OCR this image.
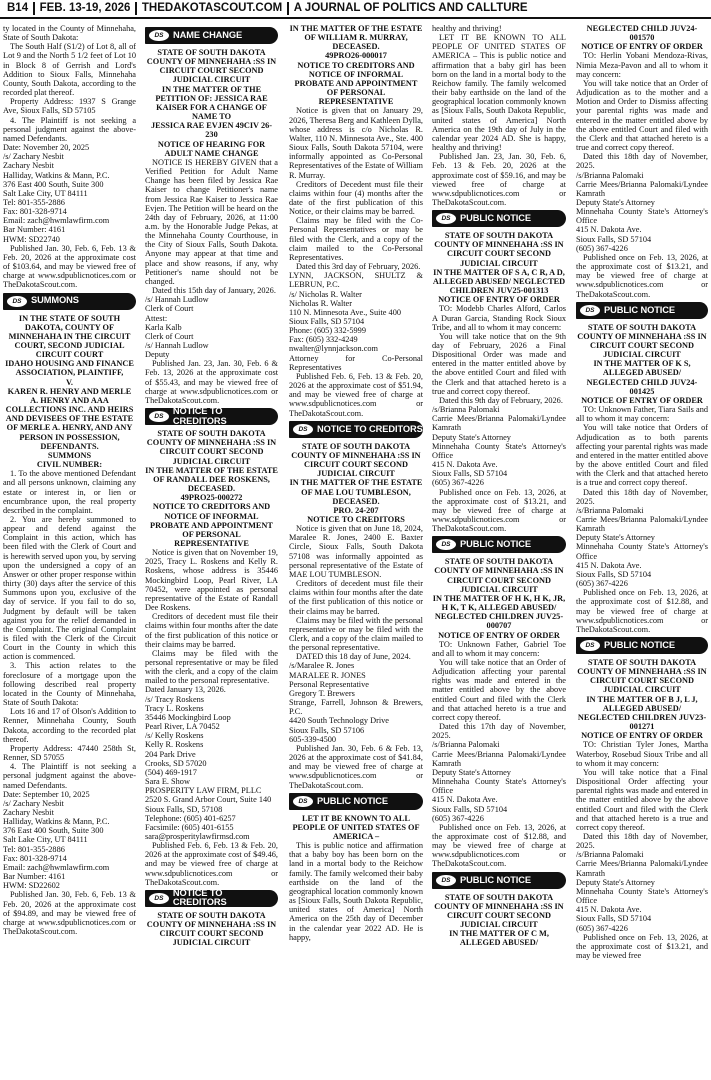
B14	FEB. 13-19, 2026	THEDAKOTASCOUT.COM	A JOURNAL OF POLITICS AND CALLTURE

ty located in the County of Minnehaha, State of South Dakota:

The South Half (S1/2) of Lot 8, all of Lot 9 and the North 5 1/2 feet of Lot 10 in Block 8 of Gerrish and Lord's Addition to Sioux Falls, Minnehaha County, South Dakota, according to the recorded plat thereof.

Property Address: 1937 S Grange Ave, Sioux Falls, SD 57105

4. The Plaintiff is not seeking a personal judgment against the above-named Defendants.

Date: November 20, 2025

/s/ Zachary Nesbit

Zachary Nesbit

Halliday, Watkins & Mann, P.C.

376 East 400 South, Suite 300

Salt Lake City, UT 84111

Tel: 801-355-2886

Fax: 801-328-9714

Email: zach@hwmlawfirm.com

Bar Number: 4161

HWM: SD22740

Published Jan. 30, Feb. 6, Feb. 13 & Feb. 20, 2026 at the approximate cost of $103.64, and may be viewed free of charge at www.sdpublicnotices.com or TheDakotaScout.com.

DS	SUMMONS

IN THE STATE OF SOUTH DAKOTA, COUNTY OF MINNEHAHA IN THE CIRCUIT COURT, SECOND JUDICIAL CIRCUIT COURT

IDAHO HOUSING AND FINANCE ASSOCIATION, PLAINTIFF,

V.

KAREN R. HENRY AND MERLE A. HENRY AND AAA COLLECTIONS INC. AND HEIRS AND DEVISEES OF THE ESTATE OF MERLE A. HENRY, AND ANY PERSON IN POSSESSION, DEFENDANTS.

SUMMONS

CIVIL NUMBER:

1. To the above mentioned Defendant and all persons unknown, claiming any estate or interest in, or lien or encumbrance upon, the real property described in the complaint.

2. You are hereby summoned to appear and defend against the Complaint in this action, which has been filed with the Clerk of Court and is herewith served upon you, by serving upon the undersigned a copy of an Answer or other proper response within thirty (30) days after the service of this Summons upon you, exclusive of the day of service. If you fail to do so, Judgment by default will be taken against you for the relief demanded in the Complaint. The original Complaint is filed with the Clerk of the Circuit Court in the County in which this action is commenced.

3. This action relates to the foreclosure of a mortgage upon the following described real property located in the County of Minnehaha, State of South Dakota:

Lots 16 and 17 of Olson's Addition to Renner, Minnehaha County, South Dakota, according to the recorded plat thereof.

Property Address: 47440 258th St, Renner, SD 57055

4. The Plaintiff is not seeking a personal judgment against the above-named Defendants.

Date: September 10, 2025

/s/ Zachary Nesbit

Zachary Nesbit

Halliday, Watkins & Mann, P.C.

376 East 400 South, Suite 300

Salt Lake City, UT 84111

Tel: 801-355-2886

Fax: 801-328-9714

Email: zach@hwmlawfirm.com

Bar Number: 4161

HWM: SD22602

Published Jan. 30, Feb. 6, Feb. 13 & Feb. 20, 2026 at the approximate cost of $94.89, and may be viewed free of charge at www.sdpublicnotices.com or TheDakotaScout.com.

DS	NAME CHANGE

STATE OF SOUTH DAKOTA COUNTY OF MINNEHAHA :SS IN CIRCUIT COURT SECOND JUDICIAL CIRCUIT

IN THE MATTER OF THE PETITION OF: JESSICA RAE KAISER FOR A CHANGE OF NAME TO

JESSICA RAE EVJEN 49CIV 26-230

NOTICE OF HEARING FOR ADULT NAME CHANGE

NOTICE IS HEREBY GIVEN that a Verified Petition for Adult Name Change has been filed by Jessica Rae Kaiser to change Petitioner's name from Jessica Rae Kaiser to Jessica Rae Evjen. The Petition will be heard on the 24th day of February, 2026, at 11:00 a.m. by the Honorable Judge Pekas, at the Minnehaha County Courthouse, in the City of Sioux Falls, South Dakota. Anyone may appear at that time and place and show reasons, if any, why Petitioner's name should not be changed.

Dated this 15th day of January, 2026.

/s/ Hannah Ludlow

Clerk of Court

Attest:

Karla Kalb

Clerk of Court

/s/ Hannah Ludlow

Deputy

Published Jan. 23, Jan. 30, Feb. 6 & Feb. 13, 2026 at the approximate cost of $55.43, and may be viewed free of charge at www.sdpublicnotices.com or TheDakotaScout.com.

DS
NOTICE TO CREDITORS

STATE OF SOUTH DAKOTA COUNTY OF MINNEHAHA :SS IN CIRCUIT COURT SECOND JUDICIAL CIRCUIT

IN THE MATTER OF THE ESTATE OF RANDALL DEE ROSKENS, DECEASED.

49PRO25-000272

NOTICE TO CREDITORS AND NOTICE OF INFORMAL PROBATE AND APPOINTMENT OF PERSONAL REPRESENTATIVE

Notice is given that on November 19, 2025, Tracy L. Roskens and Kelly R. Roskens, whose address is 35446 Mockingbird Loop, Pearl River, LA 70452, were appointed as personal representative of the Estate of Randall Dee Roskens.

Creditors of decedent must file their claims within four months after the date of the first publication of this notice or their claims may be barred.

Claims may be filed with the personal representative or may be filed with the clerk, and a copy of the claim mailed to the personal representative.

Dated January 13, 2026.

/s/ Tracy Roskens

Tracy L. Roskens

35446 Mockingbird Loop

Pearl River, LA 70452

/s/ Kelly Roskens

Kelly R. Roskens

204 Park Drive

Crooks, SD 57020

(504) 469-1917

Sara E. Show

PROSPERITY LAW FIRM, PLLC

2520 S. Grand Arbor Court, Suite 140

Sioux Falls, SD, 57108

Telephone: (605) 401-6257

Facsimile: (605) 401-6155

sara@prosperitylawfirmsd.com

Published Feb. 6, Feb. 13 & Feb. 20, 2026 at the approximate cost of $49.46, and may be viewed free of charge at www.sdpublicnotices.com or TheDakotaScout.com.

DS
NOTICE TO CREDITORS

STATE OF SOUTH DAKOTA COUNTY OF MINNEHAHA :SS IN CIRCUIT COURT SECOND JUDICIAL CIRCUIT

IN THE MATTER OF THE ESTATE OF WILLIAM R. MURRAY, DECEASED.

49PRO26-000017

NOTICE TO CREDITORS AND NOTICE OF INFORMAL PROBATE AND APPOINTMENT OF PERSONAL REPRESENTATIVE

Notice is given that on January 29, 2026, Theresa Berg and Kathleen Dylla, whose address is c/o Nicholas R. Walter, 110 N. Minnesota Ave., Ste. 400 Sioux Falls, South Dakota 57104, were informally appointed as Co-Personal Representatives of the Estate of William R. Murray.

Creditors of Decedent must file their claims within four (4) months after the date of the first publication of this Notice, or their claims may be barred.

Claims may be filed with the Co-Personal Representatives or may be filed with the Clerk, and a copy of the claim mailed to the Co-Personal Representatives.

Dated this 3rd day of February, 2026.

LYNN, JACKSON, SHULTZ & LEBRUN, P.C.

/s/ Nicholas R. Walter

Nicholas R. Walter

110 N. Minnesota Ave., Suite 400

Sioux Falls, SD 57104

Phone: (605) 332-5999

Fax: (605) 332-4249

nwalter@lynnjackson.com

Attorney for Co-Personal Representatives

Published Feb. 6, Feb. 13 & Feb. 20, 2026 at the approximate cost of $51.94, and may be viewed free of charge at www.sdpublicnotices.com or TheDakotaScout.com.

DS	NOTICE TO CREDITORS

STATE OF SOUTH DAKOTA COUNTY OF MINNEHAHA :SS IN CIRCUIT COURT SECOND JUDICIAL CIRCUIT

IN THE MATTER OF THE ESTATE OF MAE LOU TUMBLESON, DECEASED.

PRO. 24-207

NOTICE TO CREDITORS

Notice is given that on June 18, 2024, Maralee R. Jones, 2400 E. Baxter Circle, Sioux Falls, South Dakota 57108 was informally appointed as personal representative of the Estate of MAE LOU TUMBLESON.

Creditors of decedent must file their claims within four months after the date of the first publication of this notice or their claims may be barred.

Claims may be filed with the personal representative or may be filed with the Clerk, and a copy of the claim mailed to the personal representative.

DATED this 18 day of June, 2024.

/s/Maralee R. Jones

MARALEE R. JONES

Personal Representative

Gregory T. Brewers

Strange, Farrell, Johnson & Brewers, P.C.

4420 South Technology Drive

Sioux Falls, SD 57106

605-339-4500

Published Jan. 30, Feb. 6 & Feb. 13, 2026 at the approximate cost of $41.84, and may be viewed free of charge at www.sdpublicnotices.com or TheDakotaScout.com.

DS	PUBLIC NOTICE

LET IT BE KNOWN TO ALL PEOPLE OF UNITED STATES OF AMERICA –

This is public notice and affirmation that a baby boy has been born on the land in a mortal body to the Reichow family. The family welcomed their baby earthside on the land of the geographical location commonly known as [Sioux Falls, South Dakota Republic, united states of America] North America on the 25th day of December in the calendar year 2022 AD. He is happy,

healthy and thriving!

LET IT BE KNOWN TO ALL PEOPLE OF UNITED STATES OF AMERICA – This is public notice and affirmation that a baby girl has been born on the land in a mortal body to the Reichow family. The family welcomed their baby earthside on the land of the geographical location commonly known as [Sioux Falls, South Dakota Republic, united states of America] North America on the 19th day of July in the calendar year 2024 AD. She is happy, healthy and thriving!

Published Jan. 23, Jan. 30, Feb. 6, Feb. 13 & Feb. 20, 2026 at the approximate cost of $59.16, and may be viewed free of charge at www.sdpublicnotices.com or TheDakotaScout.com.

DS	PUBLIC NOTICE

STATE OF SOUTH DAKOTA COUNTY OF MINNEHAHA :SS IN CIRCUIT COURT SECOND JUDICIAL CIRCUIT

IN THE MATTER OF S A, C R, A D, ALLEGED ABUSED/ NEGLECTED CHILDREN JUV25-001313

NOTICE OF ENTRY OF ORDER

TO: Modebb Charles Alford, Carlos A Duran Garcia, Standing Rock Sioux Tribe, and all to whom it may concern:

You will take notice that on the 9th day of February, 2026 a Final Dispositional Order was made and entered in the matter entitled above by the above entitled Court and filed with the Clerk and that attached hereto is a true and correct copy thereof.

Dated this 9th day of February, 2026.

/s/Brianna Palomaki

Carrie Mees/Brianna Palomaki/Lyndee Kamrath

Deputy State's Attorney

Minnehaha County State's Attorney's Office

415 N. Dakota Ave.

Sioux Falls, SD 57104

(605) 367-4226

Published once on Feb. 13, 2026, at the approximate cost of $13.21, and may be viewed free of charge at www.sdpublicnotices.com or TheDakotaScout.com.

DS	PUBLIC NOTICE

STATE OF SOUTH DAKOTA COUNTY OF MINNEHAHA :SS IN CIRCUIT COURT SECOND JUDICIAL CIRCUIT

IN THE MATTER OF H K, H K, JR, H K, T K, ALLEGED ABUSED/ NEGLECTED CHILDREN JUV25-000707

NOTICE OF ENTRY OF ORDER

TO: Unknown Father, Gabriel Toe and all to whom it may concern:

You will take notice that an Order of Adjudication affecting your parental rights was made and entered in the matter entitled above by the above entitled Court and filed with the Clerk and that attached hereto is a true and correct copy thereof.

Dated this 17th day of November, 2025.

/s/Brianna Palomaki

Carrie Mees/Brianna Palomaki/Lyndee Kamrath

Deputy State's Attorney

Minnehaha County State's Attorney's Office

415 N. Dakota Ave.

Sioux Falls, SD 57104

(605) 367-4226

Published once on Feb. 13, 2026, at the approximate cost of $12.88, and may be viewed free of charge at www.sdpublicnotices.com or TheDakotaScout.com.

DS	PUBLIC NOTICE

STATE OF SOUTH DAKOTA COUNTY OF MINNEHAHA :SS IN CIRCUIT COURT SECOND JUDICIAL CIRCUIT

IN THE MATTER OF C M, ALLEGED ABUSED/

NEGLECTED CHILD JUV24-001570

NOTICE OF ENTRY OF ORDER

TO: Herlin Yobani Mendoza-Rivas, Nimia Meza-Pavon and all to whom it may concern:

You will take notice that an Order of Adjudication as to the mother and a Motion and Order to Dismiss affecting your parental rights was made and entered in the matter entitled above by the above entitled Court and filed with the Clerk and that attached hereto is a true and correct copy thereof.

Dated this 18th day of November, 2025.

/s/Brianna Palomaki

Carrie Mees/Brianna Palomaki/Lyndee Kamrath

Deputy State's Attorney

Minnehaha County State's Attorney's Office

415 N. Dakota Ave.

Sioux Falls, SD 57104

(605) 367-4226

Published once on Feb. 13, 2026, at the approximate cost of $13.21, and may be viewed free of charge at www.sdpublicnotices.com or TheDakotaScout.com.

DS	PUBLIC NOTICE

STATE OF SOUTH DAKOTA COUNTY OF MINNEHAHA :SS IN CIRCUIT COURT SECOND JUDICIAL CIRCUIT

IN THE MATTER OF K S, ALLEGED ABUSED/ NEGLECTED CHILD JUV24-001425

NOTICE OF ENTRY OF ORDER

TO: Unknown Father, Tiara Sails and all to whom it may concern:

You will take notice that Orders of Adjudication as to both parents affecting your parental rights was made and entered in the matter entitled above by the above entitled Court and filed with the Clerk and that attached hereto is a true and correct copy thereof.

Dated this 18th day of November, 2025.

/s/Brianna Palomaki

Carrie Mees/Brianna Palomaki/Lyndee Kamrath

Deputy State's Attorney

Minnehaha County State's Attorney's Office

415 N. Dakota Ave.

Sioux Falls, SD 57104

(605) 367-4226

Published once on Feb. 13, 2026, at the approximate cost of $12.88, and may be viewed free of charge at www.sdpublicnotices.com or TheDakotaScout.com.

DS	PUBLIC NOTICE

STATE OF SOUTH DAKOTA COUNTY OF MINNEHAHA :SS IN CIRCUIT COURT SECOND JUDICIAL CIRCUIT

IN THE MATTER OF B J, L J, ALLEGED ABUSED/ NEGLECTED CHILDREN JUV23-001271

NOTICE OF ENTRY OF ORDER

TO: Christian Tyler Jones, Martha Waterboy, Rosebud Sioux Tribe and all to whom it may concern:

You will take notice that a Final Dispositional Order affecting your parental rights was made and entered in the matter entitled above by the above entitled Court and filed with the Clerk and that attached hereto is a true and correct copy thereof.

Dated this 18th day of November, 2025.

/s/Brianna Palomaki

Carrie Mees/Brianna Palomaki/Lyndee Kamrath

Deputy State's Attorney

Minnehaha County State's Attorney's Office

415 N. Dakota Ave.

Sioux Falls, SD 57104

(605) 367-4226

Published once on Feb. 13, 2026, at the approximate cost of $13.21, and may be viewed free
